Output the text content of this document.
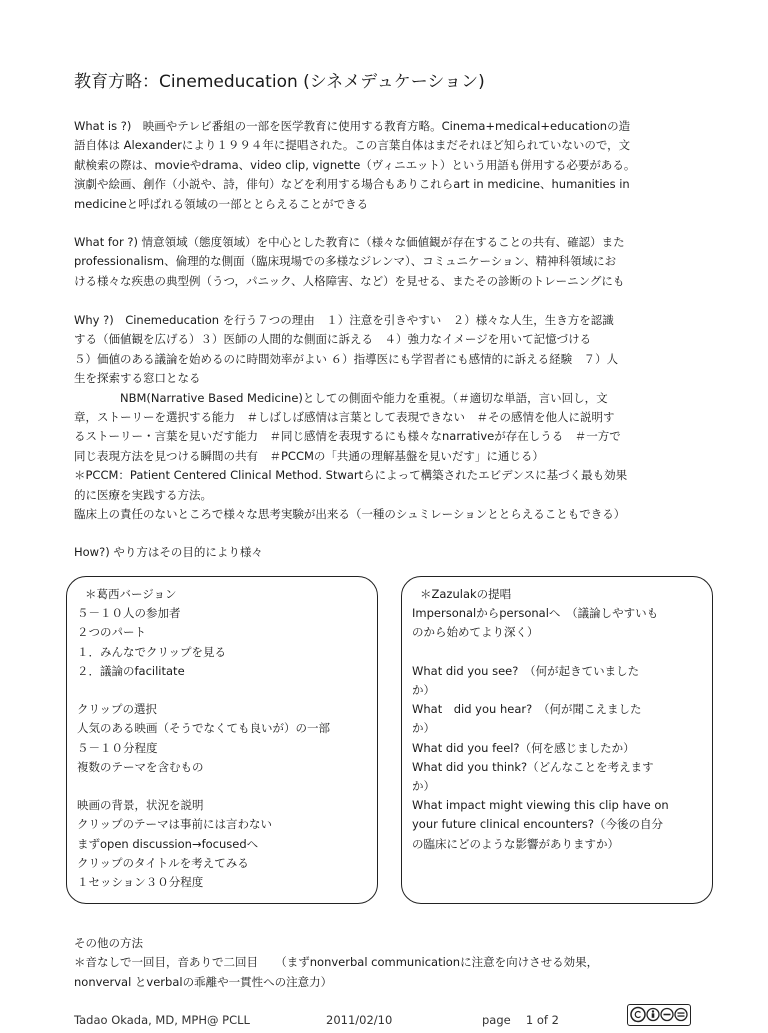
教育方略：Cinemeducation (シネメデュケーション)
What is ?)　映画やテレビ番組の一部を医学教育に使用する教育方略。Cinema+medical+educationの造
語自体は Alexanderにより１９９４年に提唱された。この言葉自体はまだそれほど知られていないので，文
献検索の際は、movieやdrama、video clip, vignette（ヴィニエット）という用語も併用する必要がある。
演劇や絵画、創作（小説や、詩，俳句）などを利用する場合もありこれらart in medicine、humanities in
medicineと呼ばれる領域の一部ととらえることができる
What for ?) 情意領域（態度領域）を中心とした教育に（様々な価値観が存在することの共有、確認）また
professionalism、倫理的な側面（臨床現場での多様なジレンマ）、コミュニケーション、精神科領域にお
ける様々な疾患の典型例（うつ，パニック、人格障害、など）を見せる、またその診断のトレーニングにも
Why ?)　Cinemeducation を行う７つの理由　１）注意を引きやすい　２）様々な人生，生き方を認識
する（価値観を広げる）３）医師の人間的な側面に訴える　４）強力なイメージを用いて記憶づける
５）価値のある議論を始めるのに時間効率がよい ６）指導医にも学習者にも感情的に訴える経験　７）人
生を探索する窓口となる
NBM(Narrative Based Medicine)としての側面や能力を重視。（＃適切な単語，言い回し，文
章，ストーリーを選択する能力　＃しばしば感情は言葉として表現できない　＃その感情を他人に説明す
るストーリー・言葉を見いだす能力　＃同じ感情を表現するにも様々なnarrativeが存在しうる　＃一方で
同じ表現方法を見つける瞬間の共有　＃PCCMの「共通の理解基盤を見いだす」に通じる）
＊PCCM：Patient Centered Clinical Method. Stwartらによって構築されたエビデンスに基づく最も効果
的に医療を実践する方法。
臨床上の責任のないところで様々な思考実験が出来る（一種のシュミレーションととらえることもできる）
How?) やり方はその目的により様々
＊葛西バージョン
５－１０人の参加者
２つのパート
１．みんなでクリップを見る
２．議論のfacilitate
クリップの選択
人気のある映画（そうでなくても良いが）の一部
５－１０分程度
複数のテーマを含むもの
映画の背景，状況を説明
クリップのテーマは事前には言わない
まずopen discussion→focusedへ
クリップのタイトルを考えてみる
１セッション３０分程度
＊Zazulakの提唱
Impersonalからpersonalへ　（議論しやすいも
のから始めてより深く）
What did you see?　（何が起きていました
か）
What　did you hear?　（何が聞こえました
か）
What did you feel?（何を感じましたか）
What did you think?（どんなことを考えます
か）
What impact might viewing this clip have on
your future clinical encounters?（今後の自分
の臨床にどのような影響がありますか）
その他の方法
＊音なしで一回目，音ありで二回目　　（まずnonverbal communicationに注意を向けさせる効果，
nonverval とverbalの乖離や一貫性への注意力）
Tadao Okada, MD, MPH@ PCLL	2011/02/10	page　 1 of 2
